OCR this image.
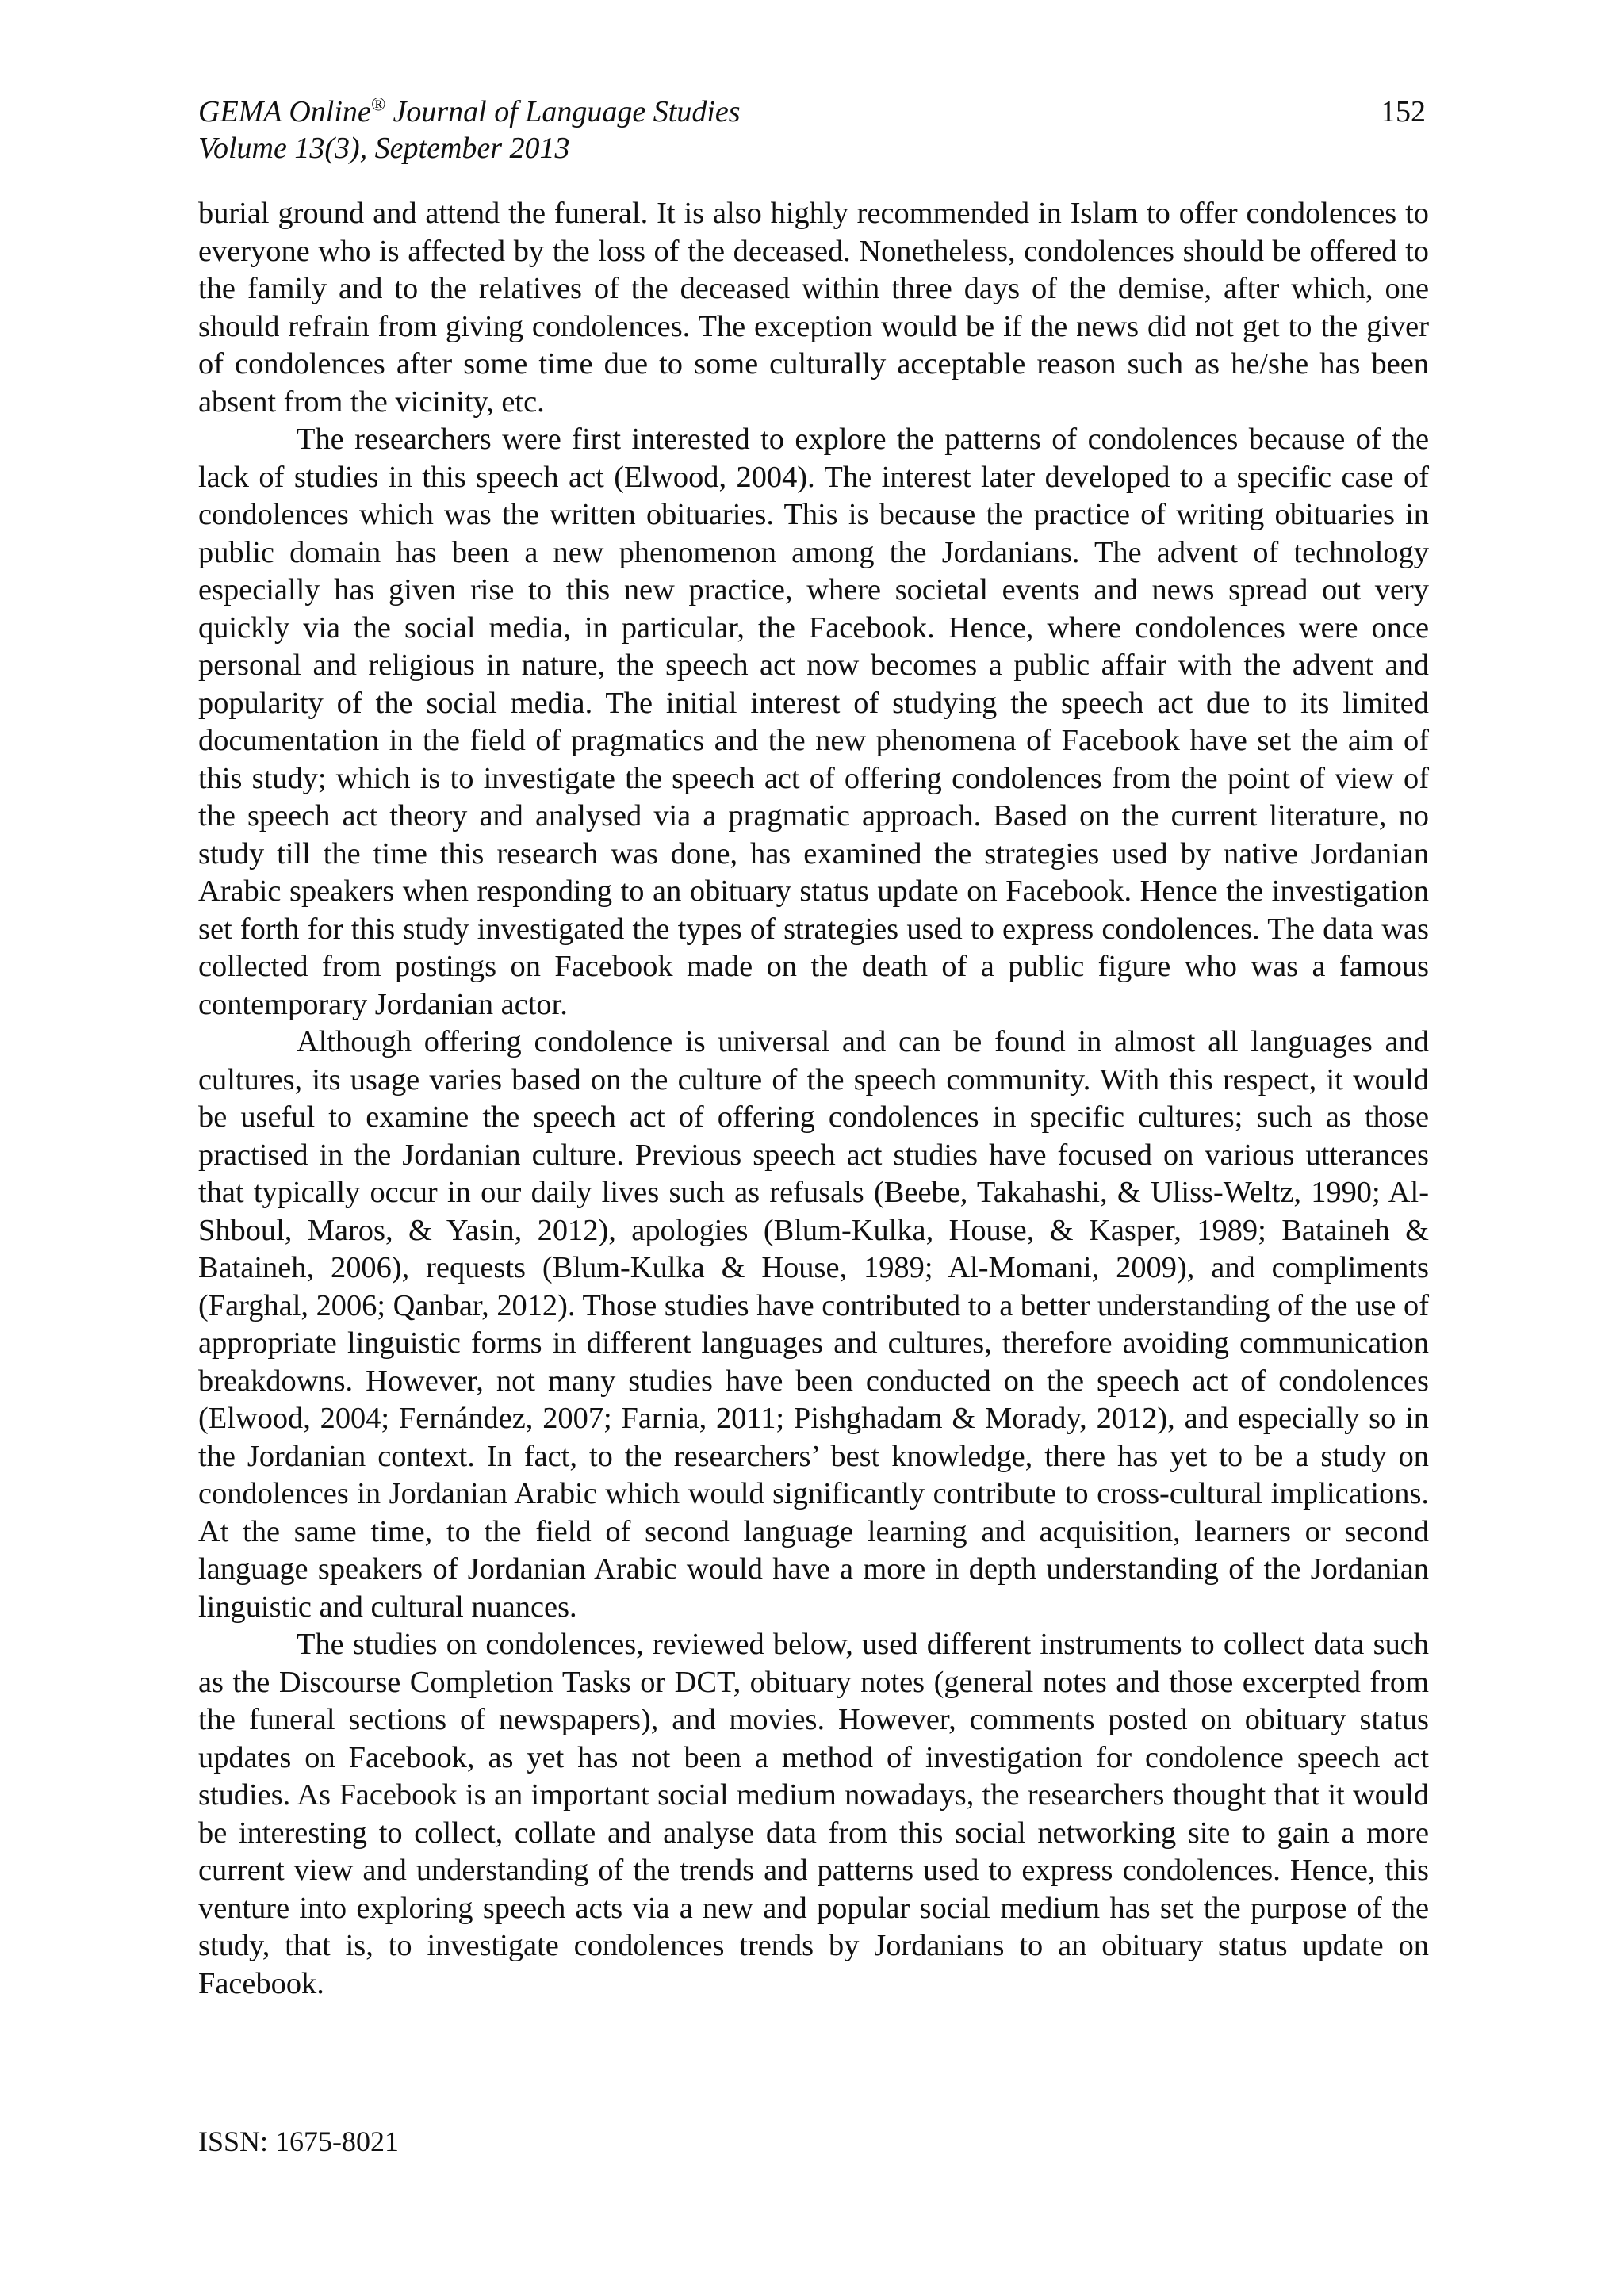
GEMA Online® Journal of Language Studies
Volume 13(3), September 2013
152

burial ground and attend the funeral. It is also highly recommended in Islam to offer condolences to everyone who is affected by the loss of the deceased. Nonetheless, condolences should be offered to the family and to the relatives of the deceased within three days of the demise, after which, one should refrain from giving condolences. The exception would be if the news did not get to the giver of condolences after some time due to some culturally acceptable reason such as he/she has been absent from the vicinity, etc.

The researchers were first interested to explore the patterns of condolences because of the lack of studies in this speech act (Elwood, 2004). The interest later developed to a specific case of condolences which was the written obituaries. This is because the practice of writing obituaries in public domain has been a new phenomenon among the Jordanians. The advent of technology especially has given rise to this new practice, where societal events and news spread out very quickly via the social media, in particular, the Facebook. Hence, where condolences were once personal and religious in nature, the speech act now becomes a public affair with the advent and popularity of the social media. The initial interest of studying the speech act due to its limited documentation in the field of pragmatics and the new phenomena of Facebook have set the aim of this study; which is to investigate the speech act of offering condolences from the point of view of the speech act theory and analysed via a pragmatic approach. Based on the current literature, no study till the time this research was done, has examined the strategies used by native Jordanian Arabic speakers when responding to an obituary status update on Facebook. Hence the investigation set forth for this study investigated the types of strategies used to express condolences. The data was collected from postings on Facebook made on the death of a public figure who was a famous contemporary Jordanian actor.

Although offering condolence is universal and can be found in almost all languages and cultures, its usage varies based on the culture of the speech community. With this respect, it would be useful to examine the speech act of offering condolences in specific cultures; such as those practised in the Jordanian culture. Previous speech act studies have focused on various utterances that typically occur in our daily lives such as refusals (Beebe, Takahashi, & Uliss-Weltz, 1990; Al-Shboul, Maros, & Yasin, 2012), apologies (Blum-Kulka, House, & Kasper, 1989; Bataineh & Bataineh, 2006), requests (Blum-Kulka & House, 1989; Al-Momani, 2009), and compliments (Farghal, 2006; Qanbar, 2012). Those studies have contributed to a better understanding of the use of appropriate linguistic forms in different languages and cultures, therefore avoiding communication breakdowns. However, not many studies have been conducted on the speech act of condolences (Elwood, 2004; Fernández, 2007; Farnia, 2011; Pishghadam & Morady, 2012), and especially so in the Jordanian context. In fact, to the researchers’ best knowledge, there has yet to be a study on condolences in Jordanian Arabic which would significantly contribute to cross-cultural implications. At the same time, to the field of second language learning and acquisition, learners or second language speakers of Jordanian Arabic would have a more in depth understanding of the Jordanian linguistic and cultural nuances.

The studies on condolences, reviewed below, used different instruments to collect data such as the Discourse Completion Tasks or DCT, obituary notes (general notes and those excerpted from the funeral sections of newspapers), and movies. However, comments posted on obituary status updates on Facebook, as yet has not been a method of investigation for condolence speech act studies. As Facebook is an important social medium nowadays, the researchers thought that it would be interesting to collect, collate and analyse data from this social networking site to gain a more current view and understanding of the trends and patterns used to express condolences. Hence, this venture into exploring speech acts via a new and popular social medium has set the purpose of the study, that is, to investigate condolences trends by Jordanians to an obituary status update on Facebook.

ISSN: 1675-8021
